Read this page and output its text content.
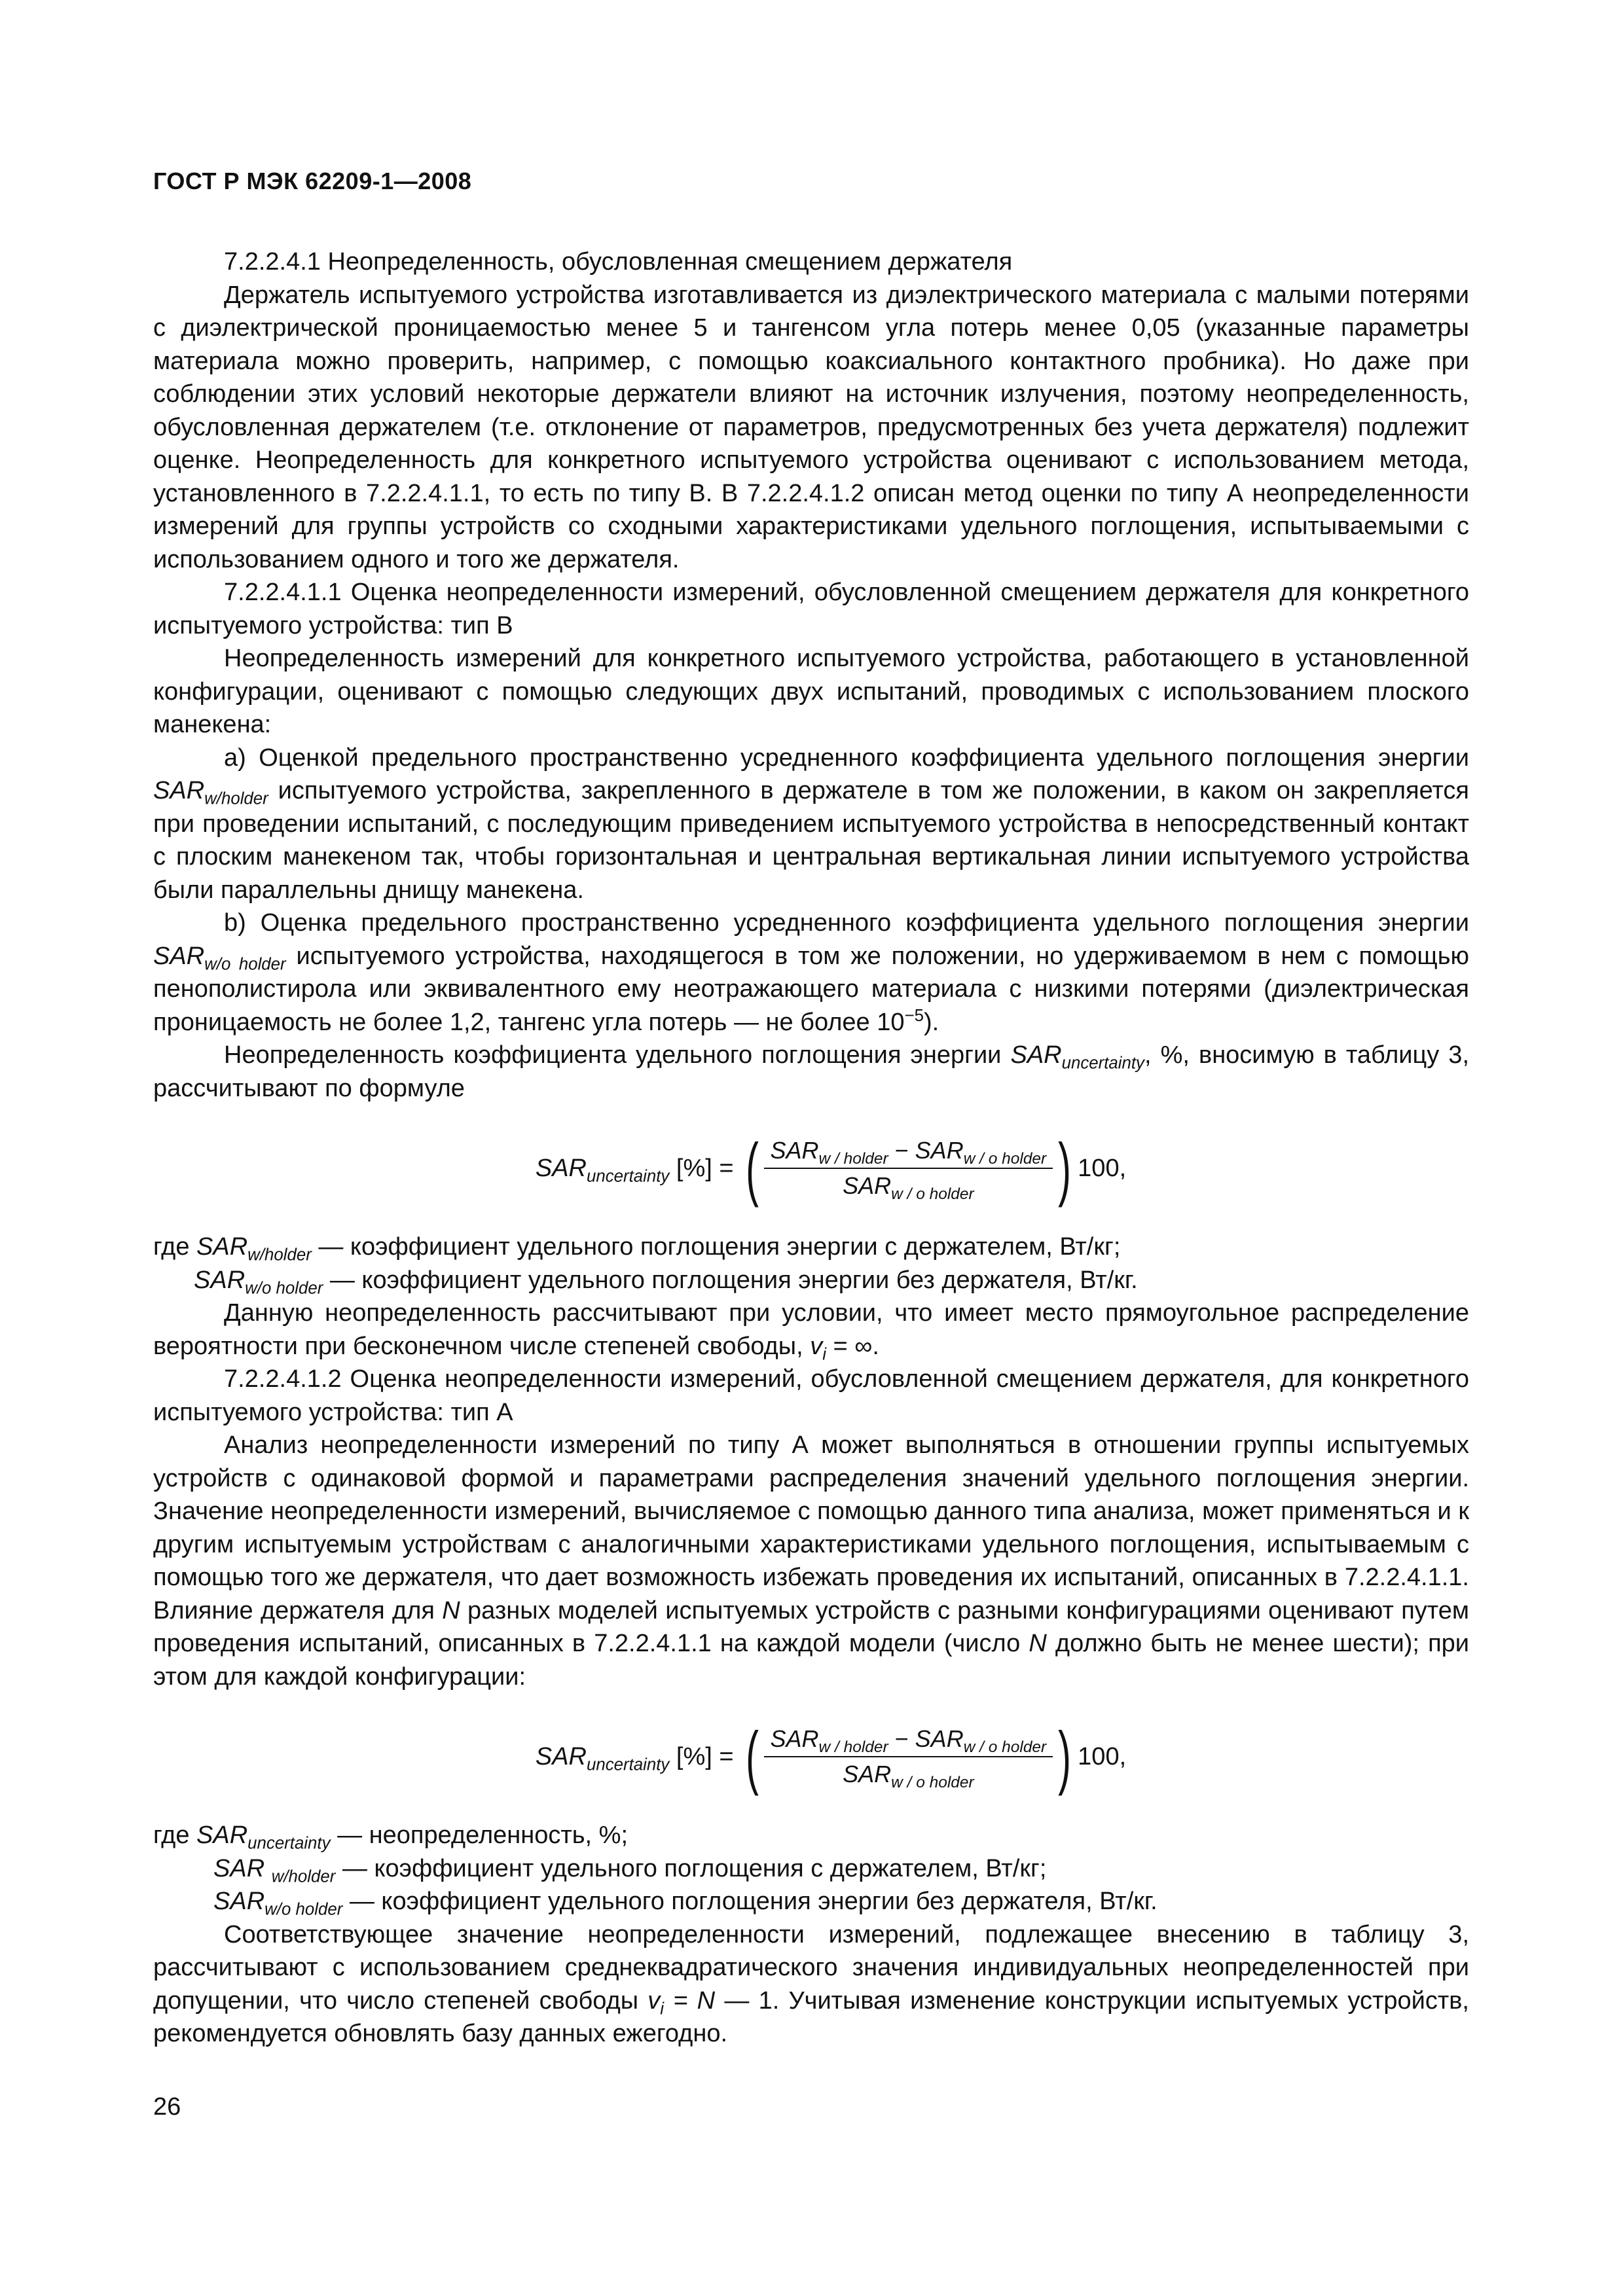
ГОСТ Р МЭК 62209-1—2008

7.2.2.4.1 Неопределенность, обусловленная смещением держателя

Держатель испытуемого устройства изготавливается из диэлектрического материала с малыми потерями с диэлектрической проницаемостью менее 5 и тангенсом угла потерь менее 0,05 (указанные параметры материала можно проверить, например, с помощью коаксиального контактного пробника). Но даже при соблюдении этих условий некоторые держатели влияют на источник излучения, поэтому неопределенность, обусловленная держателем (т.е. отклонение от параметров, предусмотренных без учета держателя) подлежит оценке. Неопределенность для конкретного испытуемого устройства оценивают с использованием метода, установленного в 7.2.2.4.1.1, то есть по типу В. В 7.2.2.4.1.2 описан метод оценки по типу А неопределенности измерений для группы устройств со сходными характеристиками удельного поглощения, испытываемыми с использованием одного и того же держателя.

7.2.2.4.1.1 Оценка неопределенности измерений, обусловленной смещением держателя для конкретного испытуемого устройства: тип В

Неопределенность измерений для конкретного испытуемого устройства, работающего в установленной конфигурации, оценивают с помощью следующих двух испытаний, проводимых с использованием плоского манекена:

a) Оценкой предельного пространственно усредненного коэффициента удельного поглощения энергии $SAR_{w/holder}$ испытуемого устройства, закрепленного в держателе в том же положении, в каком он закрепляется при проведении испытаний, с последующим приведением испытуемого устройства в непосредственный контакт с плоским манекеном так, чтобы горизонтальная и центральная вертикальная линии испытуемого устройства были параллельны днищу манекена.

b) Оценка предельного пространственно усредненного коэффициента удельного поглощения энергии $SAR_{w/o holder}$ испытуемого устройства, находящегося в том же положении, но удерживаемом в нем с помощью пенополистирола или эквивалентного ему неотражающего материала с низкими потерями (диэлектрическая проницаемость не более 1,2, тангенс угла потерь — не более $10^{-5}$).

Неопределенность коэффициента удельного поглощения энергии $SAR_{uncertainty}$, %, вносимую в таблицу 3, рассчитывают по формуле

$SAR_{uncertainty}$ [%] = ( $\frac{SAR_{w / holder} - SAR_{w / o holder}}{SAR_{w / o holder}}$ ) 100,
где $SAR_{w/holder}$ — коэффициент удельного поглощения энергии с держателем, Вт/кг;
$SAR_{w/o holder}$ — коэффициент удельного поглощения энергии без держателя, Вт/кг.

Данную неопределенность рассчитывают при условии, что имеет место прямоугольное распределение вероятности при бесконечном числе степеней свободы, $v_i$ = ∞.

7.2.2.4.1.2 Оценка неопределенности измерений, обусловленной смещением держателя, для конкретного испытуемого устройства: тип А

Анализ неопределенности измерений по типу А может выполняться в отношении группы испытуемых устройств с одинаковой формой и параметрами распределения значений удельного поглощения энергии. Значение неопределенности измерений, вычисляемое с помощью данного типа анализа, может применяться и к другим испытуемым устройствам с аналогичными характеристиками удельного поглощения, испытываемым с помощью того же держателя, что дает возможность избежать проведения их испытаний, описанных в 7.2.2.4.1.1. Влияние держателя для N разных моделей испытуемых устройств с разными конфигурациями оценивают путем проведения испытаний, описанных в 7.2.2.4.1.1 на каждой модели (число N должно быть не менее шести); при этом для каждой конфигурации:

$SAR_{uncertainty}$ [%] = ( $\frac{SAR_{w / holder} - SAR_{w / o holder}}{SAR_{w / o holder}}$ ) 100,
где $SAR_{uncertainty}$ — неопределенность, %;
SAR $_{w/holder}$ — коэффициент удельного поглощения с держателем, Вт/кг;
$SAR_{w/o holder}$ — коэффициент удельного поглощения энергии без держателя, Вт/кг.

Соответствующее значение неопределенности измерений, подлежащее внесению в таблицу 3, рассчитывают с использованием среднеквадратического значения индивидуальных неопределенностей при допущении, что число степеней свободы $v_i = N$ — 1. Учитывая изменение конструкции испытуемых устройств, рекомендуется обновлять базу данных ежегодно.

26
